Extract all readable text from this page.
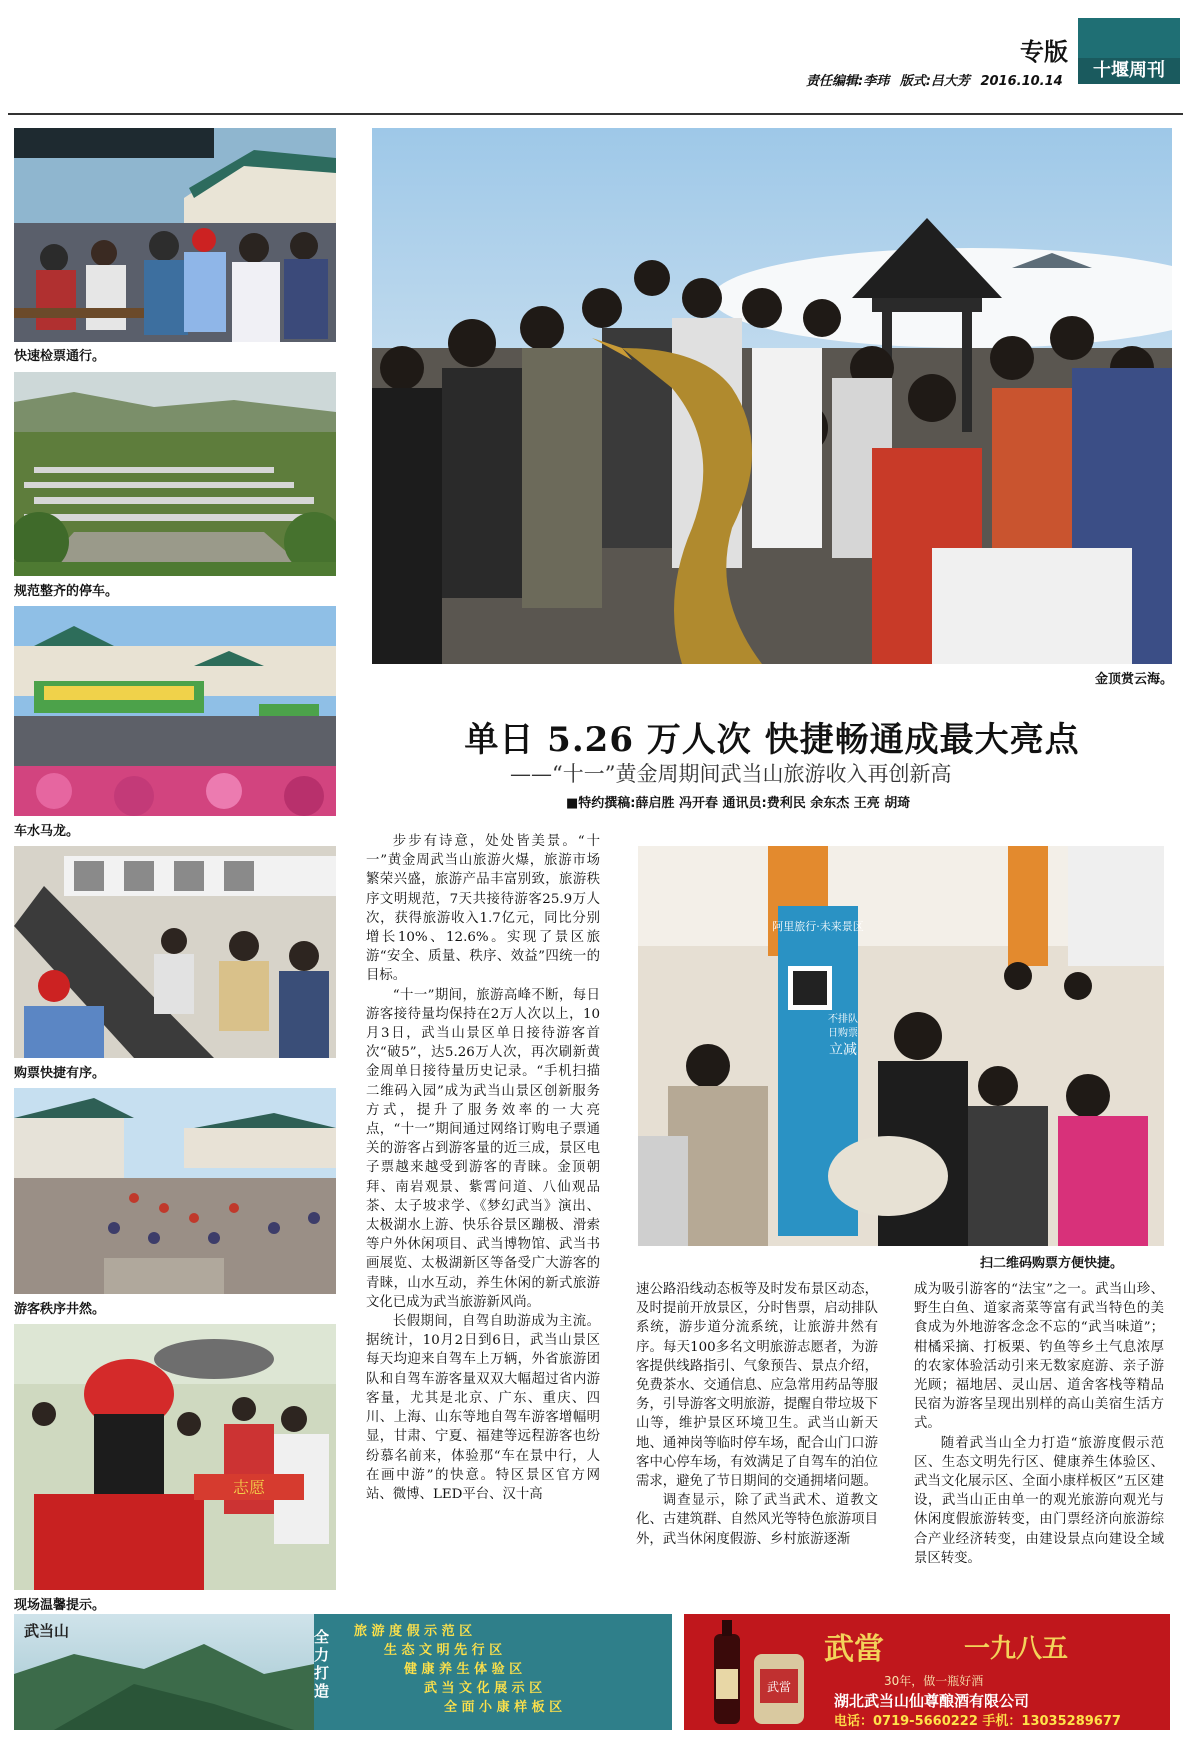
专版
十堰周刊
责任编辑:李玮 版式:吕大芳 2016.10.14
快速检票通行。
规范整齐的停车。
车水马龙。
购票快捷有序。
游客秩序井然。
志愿
现场温馨提示。
金顶赏云海。
单日 5.26 万人次 快捷畅通成最大亮点
——“十一”黄金周期间武当山旅游收入再创新高
■特约撰稿:薛启胜 冯开春 通讯员:费利民 余东杰 王亮 胡琦

步步有诗意，处处皆美景。“十一”黄金周武当山旅游火爆，旅游市场繁荣兴盛，旅游产品丰富别致，旅游秩序文明规范，7天共接待游客25.9万人次，获得旅游收入1.7亿元，同比分别增长10%、12.6%。实现了景区旅游“安全、质量、秩序、效益”四统一的目标。

“十一”期间，旅游高峰不断，每日游客接待量均保持在2万人次以上，10月3日，武当山景区单日接待游客首次“破5”，达5.26万人次，再次刷新黄金周单日接待量历史记录。“手机扫描二维码入园”成为武当山景区创新服务方式，提升了服务效率的一大亮点，“十一”期间通过网络订购电子票通关的游客占到游客量的近三成，景区电子票越来越受到游客的青睐。金顶朝拜、南岩观景、紫霄问道、八仙观品茶、太子坡求学、《梦幻武当》演出、太极湖水上游、快乐谷景区蹦极、滑索等户外休闲项目、武当博物馆、武当书画展览、太极湖新区等备受广大游客的青睐，山水互动，养生休闲的新式旅游文化已成为武当旅游新风尚。

长假期间，自驾自助游成为主流。据统计，10月2日到6日，武当山景区每天均迎来自驾车上万辆，外省旅游团队和自驾车游客量双双大幅超过省内游客量，尤其是北京、广东、重庆、四川、上海、山东等地自驾车游客增幅明显，甘肃、宁夏、福建等远程游客也纷纷慕名前来，体验那“车在景中行，人在画中游”的快意。特区景区官方网站、微博、LED平台、汉十高

阿里旅行·未来景区
不排队
日购票
立减
扫二维码购票方便快捷。

速公路沿线动态板等及时发布景区动态，及时提前开放景区，分时售票，启动排队系统，游步道分流系统，让旅游井然有序。每天100多名文明旅游志愿者，为游客提供线路指引、气象预告、景点介绍，免费茶水、交通信息、应急常用药品等服务，引导游客文明旅游，提醒自带垃圾下山等，维护景区环境卫生。武当山新天地、通神岗等临时停车场，配合山门口游客中心停车场，有效满足了自驾车的泊位需求，避免了节日期间的交通拥堵问题。

调查显示，除了武当武术、道教文化、古建筑群、自然风光等特色旅游项目外，武当休闲度假游、乡村旅游逐渐

成为吸引游客的“法宝”之一。武当山珍、野生白鱼、道家斋菜等富有武当特色的美食成为外地游客念念不忘的“武当味道”；柑橘采摘、打板栗、钓鱼等乡土气息浓厚的农家体验活动引来无数家庭游、亲子游光顾；福地居、灵山居、道舍客栈等精品民宿为游客呈现出别样的高山美宿生活方式。

随着武当山全力打造“旅游度假示范区、生态文明先行区、健康养生体验区、武当文化展示区、全面小康样板区”五区建设，武当山正由单一的观光旅游向观光与休闲度假旅游转变，由门票经济向旅游综合产业经济转变，由建设景点向建设全域景区转变。

武当山	全力打造
旅 游 度 假 示 范 区
生 态 文 明 先 行 区
健 康 养 生 体 验 区
武 当 文 化 展 示 区
全 面 小 康 样 板 区
武當
武當	一九八五
30年，做一瓶好酒
湖北武当山仙尊酿酒有限公司
电话：0719-5660222 手机：13035289677
